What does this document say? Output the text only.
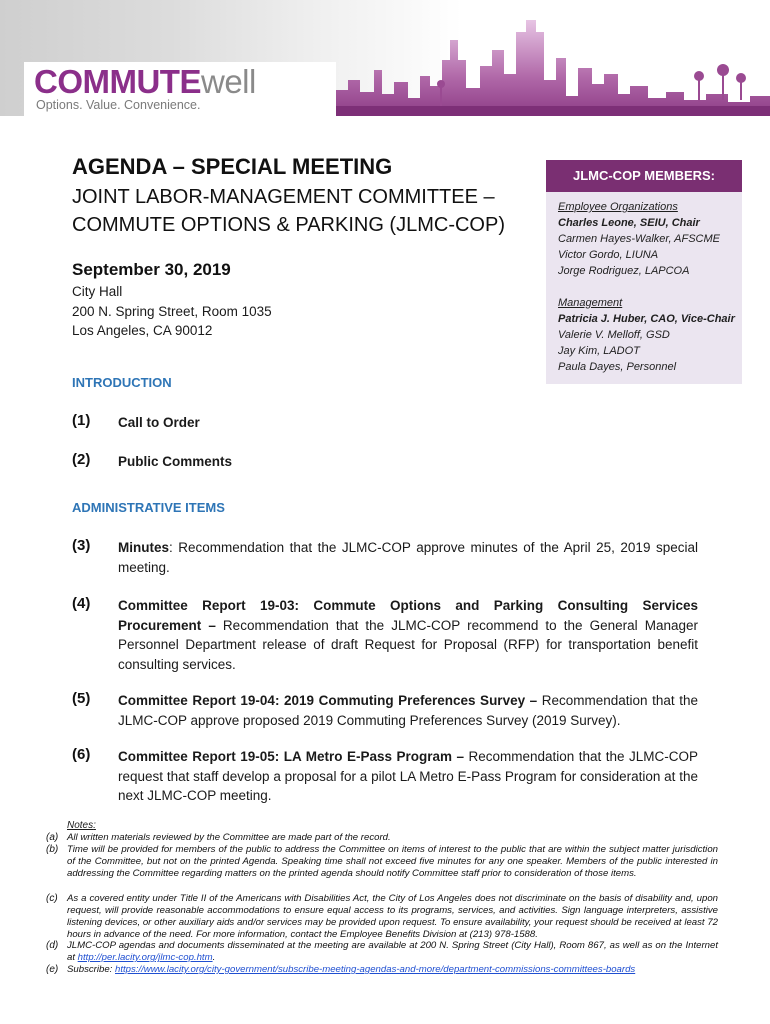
COMMUTEwell
Options. Value. Convenience.
JLMC-COP MEMBERS:
Employee Organizations
Charles Leone, SEIU, Chair
Carmen Hayes-Walker, AFSCME
Victor Gordo, LIUNA
Jorge Rodriguez, LAPCOA
Management
Patricia J. Huber, CAO, Vice-Chair
Valerie V. Melloff, GSD
Jay Kim, LADOT
Paula Dayes, Personnel
AGENDA – SPECIAL MEETING
JOINT LABOR-MANAGEMENT COMMITTEE –
COMMUTE OPTIONS & PARKING (JLMC-COP)
September 30, 2019
City Hall
200 N. Spring Street, Room 1035
Los Angeles, CA 90012
INTRODUCTION
(1) Call to Order
(2) Public Comments
ADMINISTRATIVE ITEMS
(3) Minutes: Recommendation that the JLMC-COP approve minutes of the April 25, 2019 special meeting.
(4) Committee Report 19-03: Commute Options and Parking Consulting Services Procurement – Recommendation that the JLMC-COP recommend to the General Manager Personnel Department release of draft Request for Proposal (RFP) for transportation benefit consulting services.
(5) Committee Report 19-04: 2019 Commuting Preferences Survey – Recommendation that the JLMC-COP approve proposed 2019 Commuting Preferences Survey (2019 Survey).
(6) Committee Report 19-05: LA Metro E-Pass Program – Recommendation that the JLMC-COP request that staff develop a proposal for a pilot LA Metro E-Pass Program for consideration at the next JLMC-COP meeting.
Notes:
(a) All written materials reviewed by the Committee are made part of the record.
(b) Time will be provided for members of the public to address the Committee on items of interest to the public that are within the subject matter jurisdiction of the Committee, but not on the printed Agenda. Speaking time shall not exceed five minutes for any one speaker. Members of the public interested in addressing the Committee regarding matters on the printed agenda should notify Committee staff prior to consideration of those items.
(c) As a covered entity under Title II of the Americans with Disabilities Act, the City of Los Angeles does not discriminate on the basis of disability and, upon request, will provide reasonable accommodations to ensure equal access to its programs, services, and activities. Sign language interpreters, assistive listening devices, or other auxiliary aids and/or services may be provided upon request. To ensure availability, your request should be received at least 72 hours in advance of the need. For more information, contact the Employee Benefits Division at (213) 978-1588.
(d) JLMC-COP agendas and documents disseminated at the meeting are available at 200 N. Spring Street (City Hall), Room 867, as well as on the Internet at http://per.lacity.org/jlmc-cop.htm.
(e) Subscribe: https://www.lacity.org/city-government/subscribe-meeting-agendas-and-more/department-commissions-committees-boards
